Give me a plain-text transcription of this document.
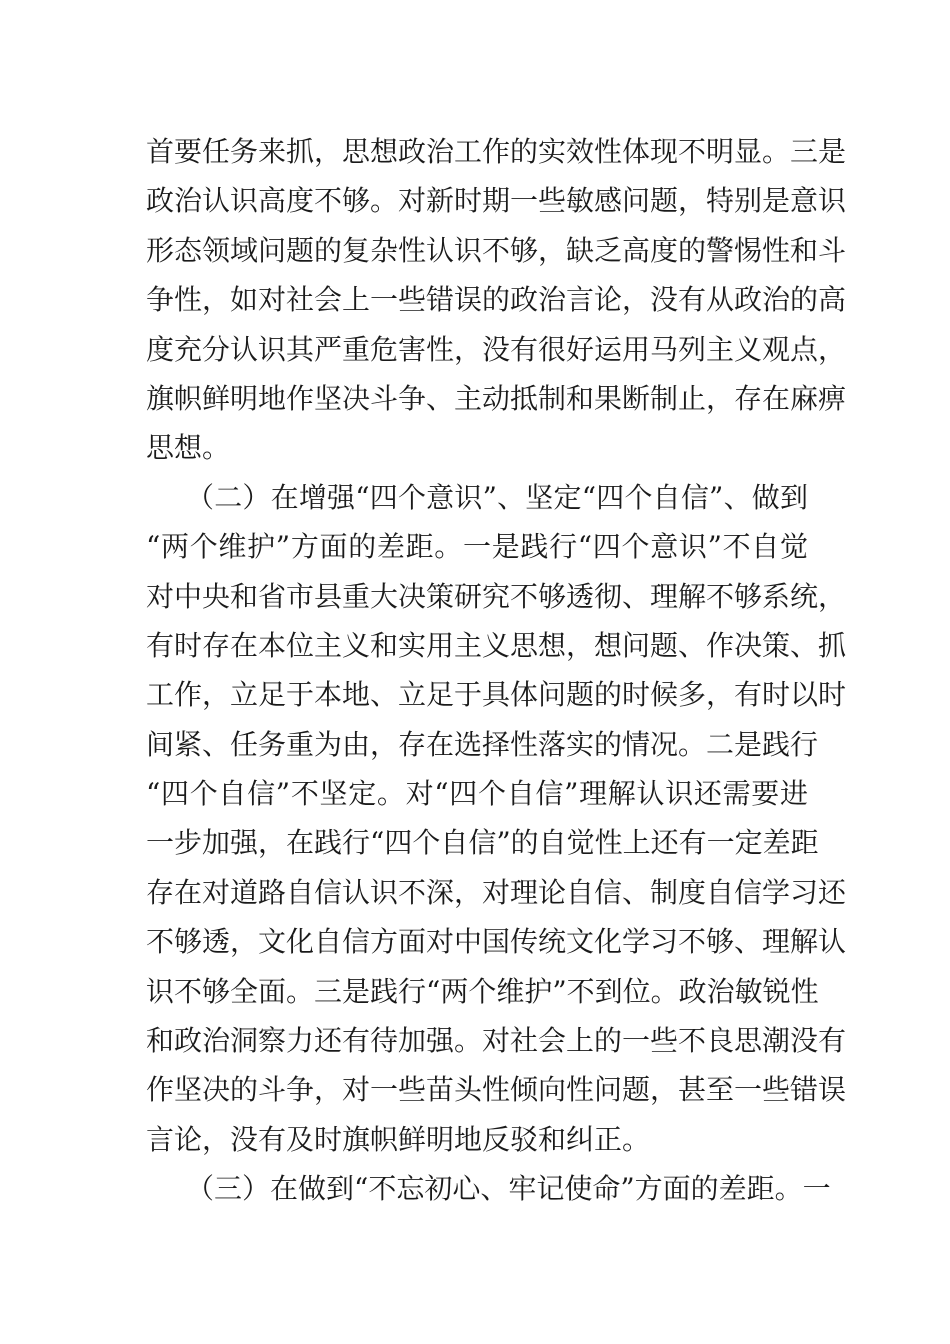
首要任务来抓，思想政治工作的实效性体现不明显。三是
政治认识高度不够。对新时期一些敏感问题，特别是意识
形态领域问题的复杂性认识不够，缺乏高度的警惕性和斗
争性，如对社会上一些错误的政治言论，没有从政治的高
度充分认识其严重危害性，没有很好运用马列主义观点，
旗帜鲜明地作坚决斗争、主动抵制和果断制止，存在麻痹
思想。
（二）在增强“四个意识”、坚定“四个自信”、做到
“两个维护”方面的差距。一是践行“四个意识”不自觉
对中央和省市县重大决策研究不够透彻、理解不够系统，
有时存在本位主义和实用主义思想，想问题、作决策、抓
工作，立足于本地、立足于具体问题的时候多，有时以时
间紧、任务重为由，存在选择性落实的情况。二是践行
“四个自信”不坚定。对“四个自信”理解认识还需要进
一步加强，在践行“四个自信”的自觉性上还有一定差距
存在对道路自信认识不深，对理论自信、制度自信学习还
不够透，文化自信方面对中国传统文化学习不够、理解认
识不够全面。三是践行“两个维护”不到位。政治敏锐性
和政治洞察力还有待加强。对社会上的一些不良思潮没有
作坚决的斗争，对一些苗头性倾向性问题，甚至一些错误
言论，没有及时旗帜鲜明地反驳和纠正。
（三）在做到“不忘初心、牢记使命”方面的差距。一
